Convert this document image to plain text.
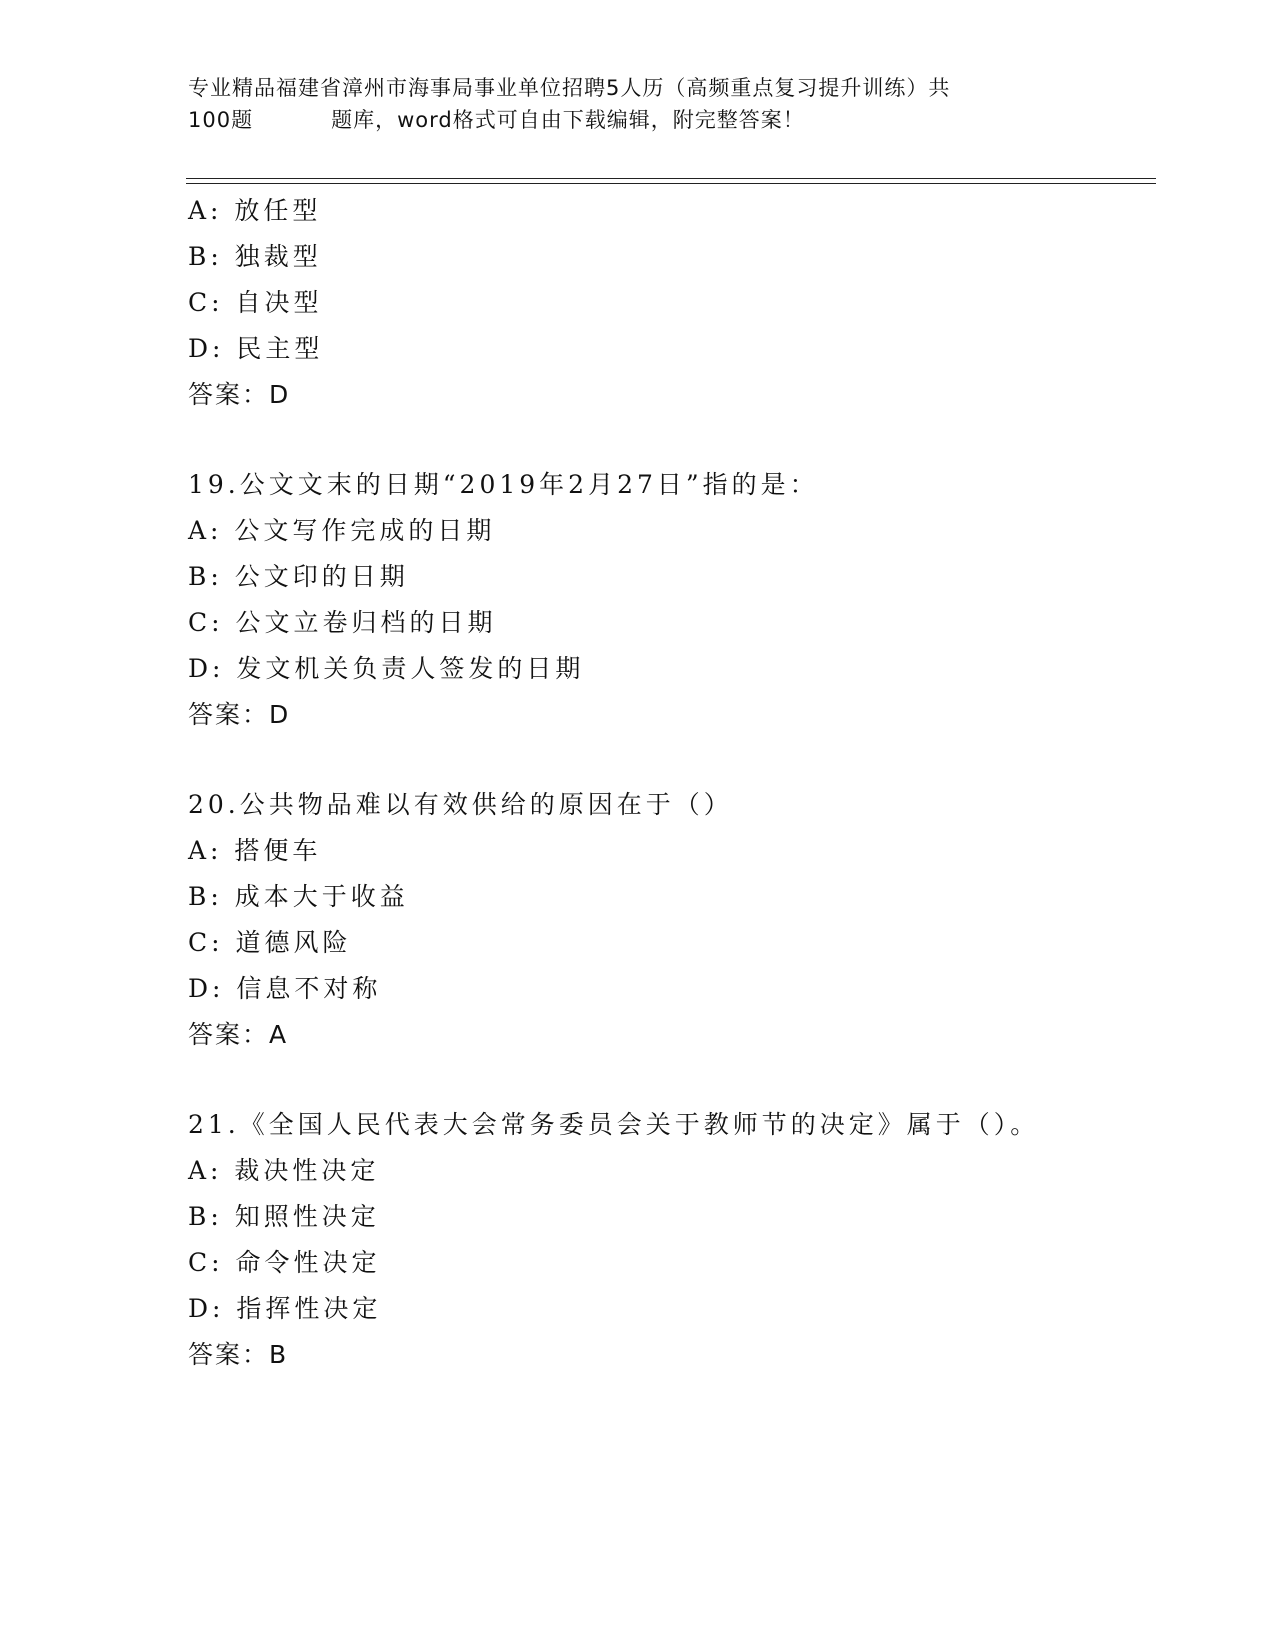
专业精品福建省漳州市海事局事业单位招聘5人历（高频重点复习提升训练）共
100题	题库，word格式可自由下载编辑，附完整答案！
A: 放任型
B: 独裁型
C: 自决型
D: 民主型
答案：D
19.公文文末的日期“2019年2月27日”指的是：
A: 公文写作完成的日期
B: 公文印的日期
C: 公文立卷归档的日期
D: 发文机关负责人签发的日期
答案：D
20.公共物品难以有效供给的原因在于（）
A: 搭便车
B: 成本大于收益
C: 道德风险
D: 信息不对称
答案：A
21.《全国人民代表大会常务委员会关于教师节的决定》属于（）。
A: 裁决性决定
B: 知照性决定
C: 命令性决定
D: 指挥性决定
答案：B
